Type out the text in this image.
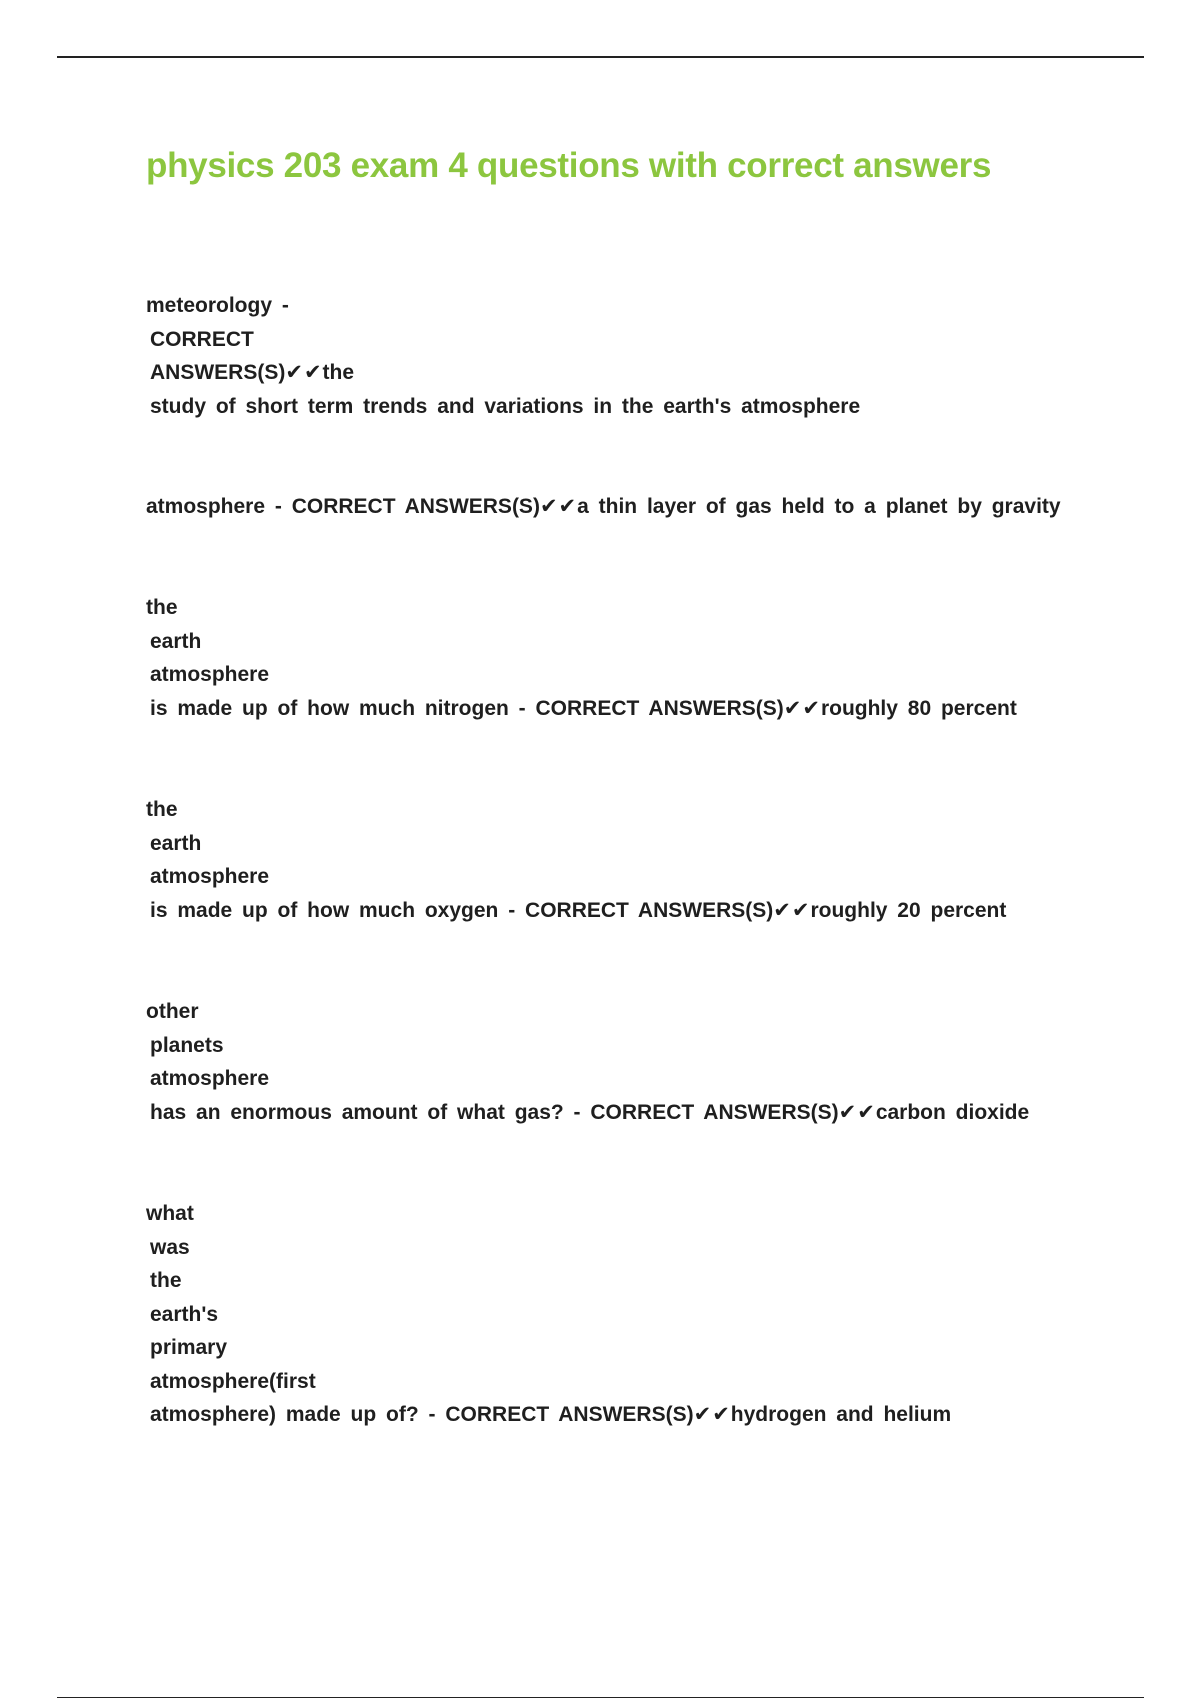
physics 203 exam 4 questions with correct answers
meteorology -
CORRECT
ANSWERS(S)✔✔the
study of short term trends and variations in the earth's atmosphere
atmosphere - CORRECT ANSWERS(S)✔✔a thin layer of gas held to a planet by gravity
the
earth
atmosphere
is made up of how much nitrogen - CORRECT ANSWERS(S)✔✔roughly 80 percent
the
earth
atmosphere
is made up of how much oxygen - CORRECT ANSWERS(S)✔✔roughly 20 percent
other
planets
atmosphere
has an enormous amount of what gas? - CORRECT ANSWERS(S)✔✔carbon dioxide
what
was
the
earth's
primary
atmosphere(first
atmosphere) made up of? - CORRECT ANSWERS(S)✔✔hydrogen and helium
